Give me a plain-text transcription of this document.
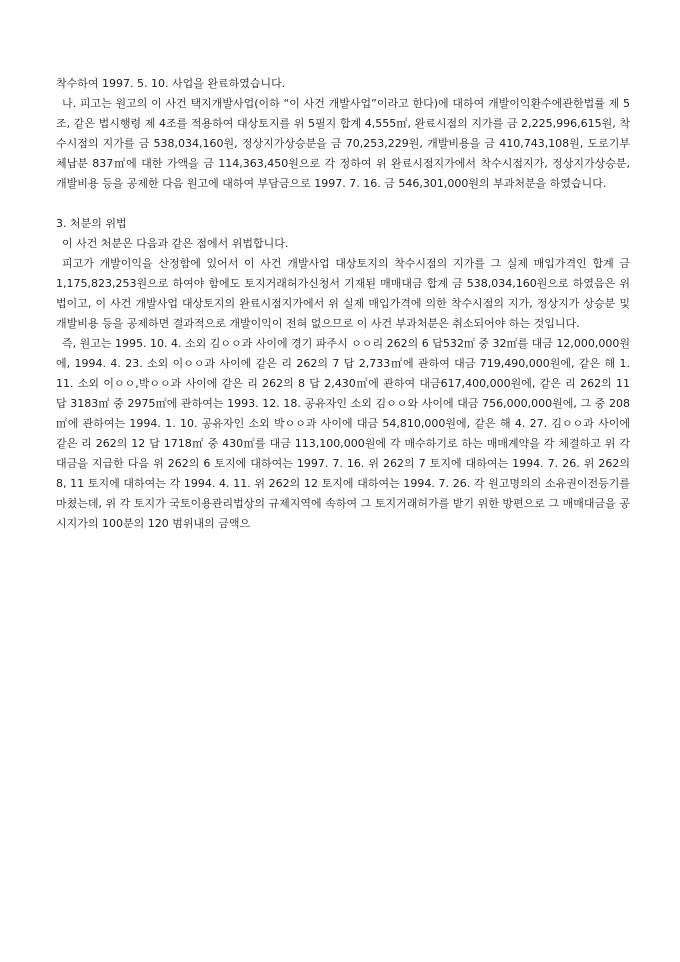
착수하여 1997. 5. 10. 사업을 완료하였습니다.

나. 피고는 원고의 이 사건 택지개발사업(이하 “이 사건 개발사업”이라고 한다)에 대하여 개발이익환수에관한법률 제 5조, 같은 법시행령 제 4조를 적용하여 대상토지를 위 5필지 합계 4,555㎡, 완료시점의 지가를 금 2,225,996,615원, 착수시점의 지가를 금 538,034,160원, 정상지가상승분을 금 70,253,229원, 개발비용을 금 410,743,108원, 도로기부 체납분 837㎡에 대한 가액을 금 114,363,450원으로 각 정하여 위 완료시점지가에서 착수시점지가, 정상지가상승분, 개발비용 등을 공제한 다음 원고에 대하여 부담금으로 1997. 7. 16. 금 546,301,000원의 부과처분을 하였습니다.

3. 처분의 위법

이 사건 처분은 다음과 같은 점에서 위법합니다.

피고가 개발이익을 산정함에 있어서 이 사건 개발사업 대상토지의 착수시점의 지가를 그 실제 매입가격인 합계 금 1,175,823,253원으로 하여야 함에도 토지거래허가신청서 기재된 매매대금 합계 금 538,034,160원으로 하였음은 위법이고, 이 사건 개발사업 대상토지의 완료시점지가에서 위 실제 매입가격에 의한 착수시점의 지가, 정상지가 상승분 및 개발비용 등을 공제하면 결과적으로 개발이익이 전혀 없으므로 이 사건 부과처분은 취소되어야 하는 것입니다.

즉, 원고는 1995. 10. 4. 소외 김ㅇㅇ과 사이에 경기 파주시 ㅇㅇ리 262의 6 답532㎡ 중 32㎡를 대금 12,000,000원에, 1994. 4. 23. 소외 이ㅇㅇ과 사이에 같은 리 262의 7 답 2,733㎡에 관하여 대금 719,490,000원에, 같은 해 1. 11. 소외 이ㅇㅇ,박ㅇㅇ과 사이에 같은 리 262의 8 답 2,430㎡에 관하여 대금617,400,000원에, 같은 리 262의 11 답 3183㎡ 중 2975㎡에 관하여는 1993. 12. 18. 공유자인 소외 김ㅇㅇ와 사이에 대금 756,000,000원에, 그 중 208㎡에 관하여는 1994. 1. 10. 공유자인 소외 박ㅇㅇ과 사이에 대금 54,810,000원에, 같은 해 4. 27. 김ㅇㅇ과 사이에 같은 리 262의 12 답 1718㎡ 중 430㎡를 대금 113,100,000원에 각 매수하기로 하는 매매계약을 각 체결하고 위 각 대금을 지급한 다음 위 262의 6 토지에 대하여는 1997. 7. 16. 위 262의 7 토지에 대하여는 1994. 7. 26. 위 262의 8, 11 토지에 대하여는 각 1994. 4. 11. 위 262의 12 토지에 대하여는 1994. 7. 26. 각 원고명의의 소유권이전등기를 마쳤는데, 위 각 토지가 국토이용관리법상의 규제지역에 속하여 그 토지거래허가를 받기 위한 방편으로 그 매매대금을 공시지가의 100분의 120 범위내의 금액으
